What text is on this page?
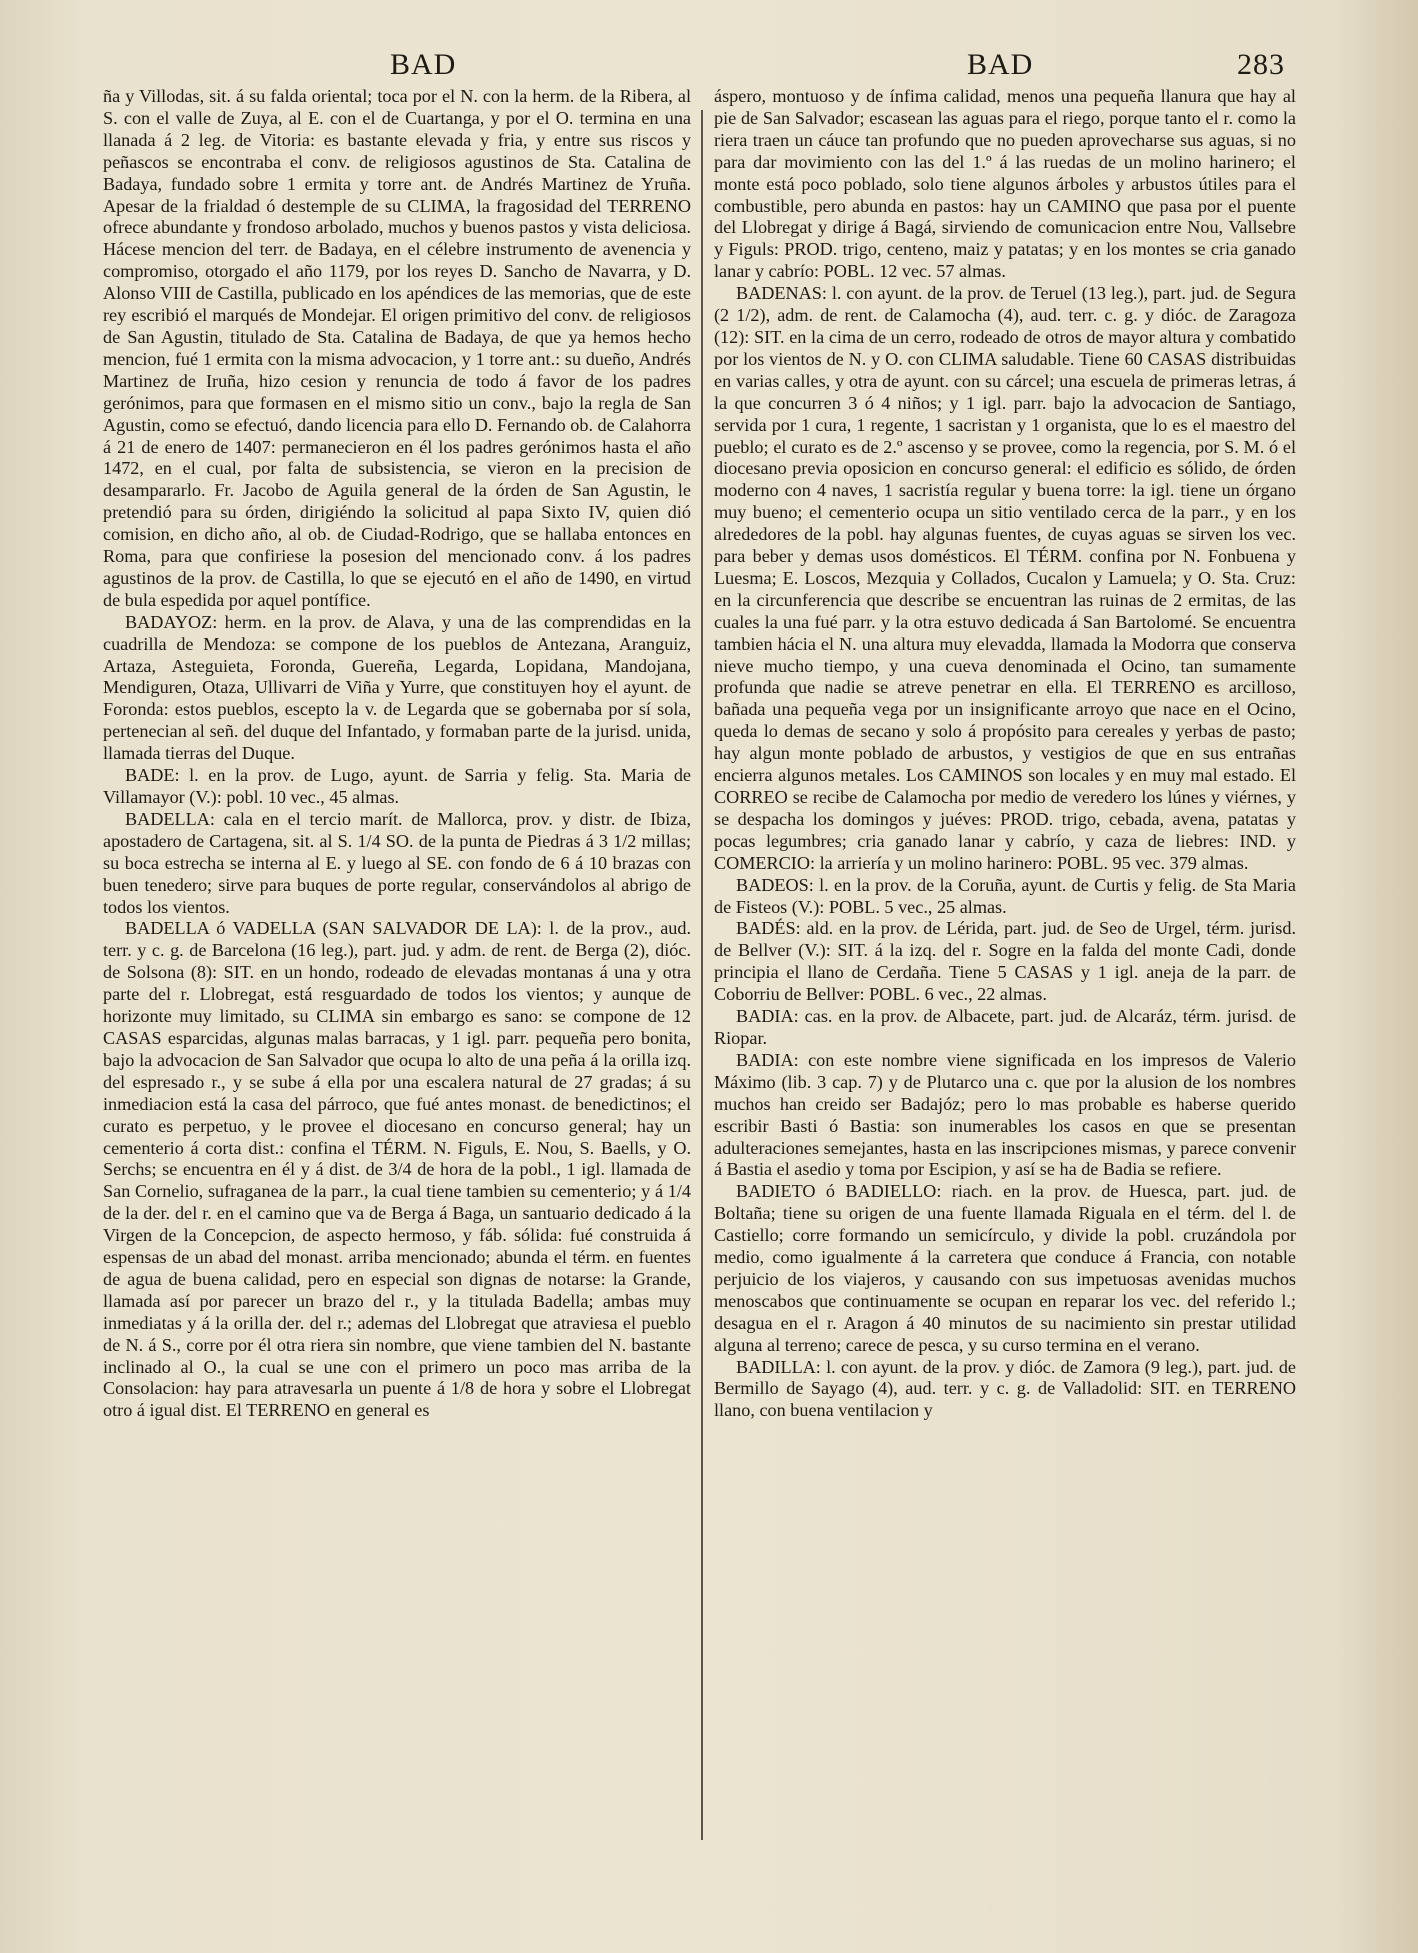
BAD	BAD	283

ña y Villodas, sit. á su falda oriental; toca por el N. con la herm. de la Ribera, al S. con el valle de Zuya, al E. con el de Cuartanga, y por el O. termina en una llanada á 2 leg. de Vitoria: es bastante elevada y fria, y entre sus riscos y peñascos se encontraba el conv. de religiosos agustinos de Sta. Catalina de Badaya, fundado sobre 1 ermita y torre ant. de Andrés Martinez de Yruña. Apesar de la frialdad ó destemple de su CLIMA, la fragosidad del TERRENO ofrece abundante y frondoso arbolado, muchos y buenos pastos y vista deliciosa. Hácese mencion del terr. de Badaya, en el célebre instrumento de avenencia y compromiso, otorgado el año 1179, por los reyes D. Sancho de Navarra, y D. Alonso VIII de Castilla, publicado en los apéndices de las memorias, que de este rey escribió el marqués de Mondejar. El origen primitivo del conv. de religiosos de San Agustin, titulado de Sta. Catalina de Badaya, de que ya hemos hecho mencion, fué 1 ermita con la misma advocacion, y 1 torre ant.: su dueño, Andrés Martinez de Iruña, hizo cesion y renuncia de todo á favor de los padres gerónimos, para que formasen en el mismo sitio un conv., bajo la regla de San Agustin, como se efectuó, dando licencia para ello D. Fernando ob. de Calahorra á 21 de enero de 1407: permanecieron en él los padres gerónimos hasta el año 1472, en el cual, por falta de subsistencia, se vieron en la precision de desampararlo. Fr. Jacobo de Aguila general de la órden de San Agustin, le pretendió para su órden, dirigiéndo la solicitud al papa Sixto IV, quien dió comision, en dicho año, al ob. de Ciudad-Rodrigo, que se hallaba entonces en Roma, para que confiriese la posesion del mencionado conv. á los padres agustinos de la prov. de Castilla, lo que se ejecutó en el año de 1490, en virtud de bula espedida por aquel pontífice.

BADAYOZ: herm. en la prov. de Alava, y una de las comprendidas en la cuadrilla de Mendoza: se compone de los pueblos de Antezana, Aranguiz, Artaza, Asteguieta, Foronda, Guereña, Legarda, Lopidana, Mandojana, Mendiguren, Otaza, Ullivarri de Viña y Yurre, que constituyen hoy el ayunt. de Foronda: estos pueblos, escepto la v. de Legarda que se gobernaba por sí sola, pertenecian al señ. del duque del Infantado, y formaban parte de la jurisd. unida, llamada tierras del Duque.

BADE: l. en la prov. de Lugo, ayunt. de Sarria y felig. Sta. Maria de Villamayor (V.): pobl. 10 vec., 45 almas.

BADELLA: cala en el tercio marít. de Mallorca, prov. y distr. de Ibiza, apostadero de Cartagena, sit. al S. 1/4 SO. de la punta de Piedras á 3 1/2 millas; su boca estrecha se interna al E. y luego al SE. con fondo de 6 á 10 brazas con buen tenedero; sirve para buques de porte regular, conservándolos al abrigo de todos los vientos.

BADELLA ó VADELLA (SAN SALVADOR DE LA): l. de la prov., aud. terr. y c. g. de Barcelona (16 leg.), part. jud. y adm. de rent. de Berga (2), dióc. de Solsona (8): SIT. en un hondo, rodeado de elevadas montanas á una y otra parte del r. Llobregat, está resguardado de todos los vientos; y aunque de horizonte muy limitado, su CLIMA sin embargo es sano: se compone de 12 CASAS esparcidas, algunas malas barracas, y 1 igl. parr. pequeña pero bonita, bajo la advocacion de San Salvador que ocupa lo alto de una peña á la orilla izq. del espresado r., y se sube á ella por una escalera natural de 27 gradas; á su inmediacion está la casa del párroco, que fué antes monast. de benedictinos; el curato es perpetuo, y le provee el diocesano en concurso general; hay un cementerio á corta dist.: confina el TÉRM. N. Figuls, E. Nou, S. Baells, y O. Serchs; se encuentra en él y á dist. de 3/4 de hora de la pobl., 1 igl. llamada de San Cornelio, sufraganea de la parr., la cual tiene tambien su cementerio; y á 1/4 de la der. del r. en el camino que va de Berga á Baga, un santuario dedicado á la Virgen de la Concepcion, de aspecto hermoso, y fáb. sólida: fué construida á espensas de un abad del monast. arriba mencionado; abunda el térm. en fuentes de agua de buena calidad, pero en especial son dignas de notarse: la Grande, llamada así por parecer un brazo del r., y la titulada Badella; ambas muy inmediatas y á la orilla der. del r.; ademas del Llobregat que atraviesa el pueblo de N. á S., corre por él otra riera sin nombre, que viene tambien del N. bastante inclinado al O., la cual se une con el primero un poco mas arriba de la Consolacion: hay para atravesarla un puente á 1/8 de hora y sobre el Llobregat otro á igual dist. El TERRENO en general es

áspero, montuoso y de ínfima calidad, menos una pequeña llanura que hay al pie de San Salvador; escasean las aguas para el riego, porque tanto el r. como la riera traen un cáuce tan profundo que no pueden aprovecharse sus aguas, si no para dar movimiento con las del 1.º á las ruedas de un molino harinero; el monte está poco poblado, solo tiene algunos árboles y arbustos útiles para el combustible, pero abunda en pastos: hay un CAMINO que pasa por el puente del Llobregat y dirige á Bagá, sirviendo de comunicacion entre Nou, Vallsebre y Figuls: PROD. trigo, centeno, maiz y patatas; y en los montes se cria ganado lanar y cabrío: POBL. 12 vec. 57 almas.

BADENAS: l. con ayunt. de la prov. de Teruel (13 leg.), part. jud. de Segura (2 1/2), adm. de rent. de Calamocha (4), aud. terr. c. g. y dióc. de Zaragoza (12): SIT. en la cima de un cerro, rodeado de otros de mayor altura y combatido por los vientos de N. y O. con CLIMA saludable. Tiene 60 CASAS distribuidas en varias calles, y otra de ayunt. con su cárcel; una escuela de primeras letras, á la que concurren 3 ó 4 niños; y 1 igl. parr. bajo la advocacion de Santiago, servida por 1 cura, 1 regente, 1 sacristan y 1 organista, que lo es el maestro del pueblo; el curato es de 2.º ascenso y se provee, como la regencia, por S. M. ó el diocesano previa oposicion en concurso general: el edificio es sólido, de órden moderno con 4 naves, 1 sacristía regular y buena torre: la igl. tiene un órgano muy bueno; el cementerio ocupa un sitio ventilado cerca de la parr., y en los alrededores de la pobl. hay algunas fuentes, de cuyas aguas se sirven los vec. para beber y demas usos domésticos. El TÉRM. confina por N. Fonbuena y Luesma; E. Loscos, Mezquia y Collados, Cucalon y Lamuela; y O. Sta. Cruz: en la circunferencia que describe se encuentran las ruinas de 2 ermitas, de las cuales la una fué parr. y la otra estuvo dedicada á San Bartolomé. Se encuentra tambien hácia el N. una altura muy elevadda, llamada la Modorra que conserva nieve mucho tiempo, y una cueva denominada el Ocino, tan sumamente profunda que nadie se atreve penetrar en ella. El TERRENO es arcilloso, bañada una pequeña vega por un insignificante arroyo que nace en el Ocino, queda lo demas de secano y solo á propósito para cereales y yerbas de pasto; hay algun monte poblado de arbustos, y vestigios de que en sus entrañas encierra algunos metales. Los CAMINOS son locales y en muy mal estado. El CORREO se recibe de Calamocha por medio de veredero los lúnes y viérnes, y se despacha los domingos y juéves: PROD. trigo, cebada, avena, patatas y pocas legumbres; cria ganado lanar y cabrío, y caza de liebres: IND. y COMERCIO: la arriería y un molino harinero: POBL. 95 vec. 379 almas.

BADEOS: l. en la prov. de la Coruña, ayunt. de Curtis y felig. de Sta Maria de Fisteos (V.): POBL. 5 vec., 25 almas.

BADÉS: ald. en la prov. de Lérida, part. jud. de Seo de Urgel, térm. jurisd. de Bellver (V.): SIT. á la izq. del r. Sogre en la falda del monte Cadi, donde principia el llano de Cerdaña. Tiene 5 CASAS y 1 igl. aneja de la parr. de Coborriu de Bellver: POBL. 6 vec., 22 almas.

BADIA: cas. en la prov. de Albacete, part. jud. de Alcaráz, térm. jurisd. de Riopar.

BADIA: con este nombre viene significada en los impresos de Valerio Máximo (lib. 3 cap. 7) y de Plutarco una c. que por la alusion de los nombres muchos han creido ser Badajóz; pero lo mas probable es haberse querido escribir Basti ó Bastia: son inumerables los casos en que se presentan adulteraciones semejantes, hasta en las inscripciones mismas, y parece convenir á Bastia el asedio y toma por Escipion, y así se ha de Badia se refiere.

BADIETO ó BADIELLO: riach. en la prov. de Huesca, part. jud. de Boltaña; tiene su origen de una fuente llamada Riguala en el térm. del l. de Castiello; corre formando un semicírculo, y divide la pobl. cruzándola por medio, como igualmente á la carretera que conduce á Francia, con notable perjuicio de los viajeros, y causando con sus impetuosas avenidas muchos menoscabos que continuamente se ocupan en reparar los vec. del referido l.; desagua en el r. Aragon á 40 minutos de su nacimiento sin prestar utilidad alguna al terreno; carece de pesca, y su curso termina en el verano.

BADILLA: l. con ayunt. de la prov. y dióc. de Zamora (9 leg.), part. jud. de Bermillo de Sayago (4), aud. terr. y c. g. de Valladolid: SIT. en TERRENO llano, con buena ventilacion y
